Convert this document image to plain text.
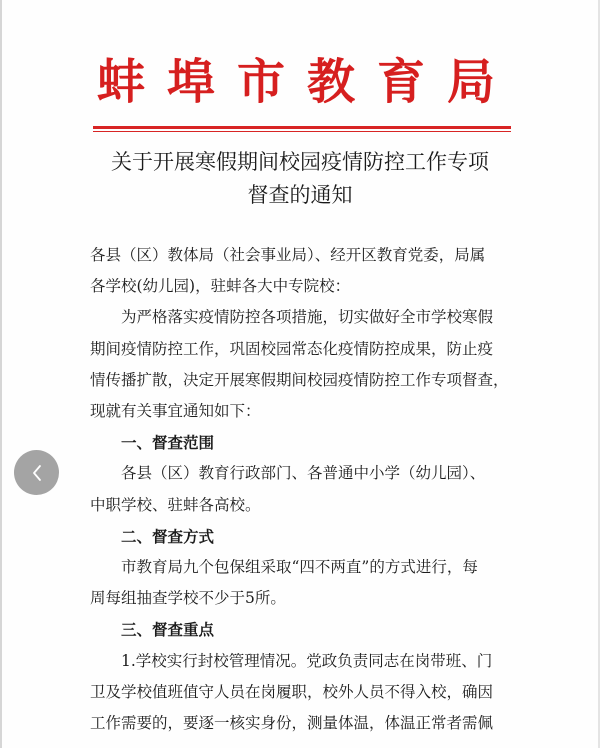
蚌埠市教育局
关于开展寒假期间校园疫情防控工作专项
督查的通知

各县（区）教体局（社会事业局）、经开区教育党委，局属

各学校(幼儿园)，驻蚌各大中专院校：

为严格落实疫情防控各项措施，切实做好全市学校寒假

期间疫情防控工作，巩固校园常态化疫情防控成果，防止疫

情传播扩散，决定开展寒假期间校园疫情防控工作专项督查，

现就有关事宜通知如下：

一、督查范围

各县（区）教育行政部门、各普通中小学（幼儿园）、

中职学校、驻蚌各高校。

二、督查方式

市教育局九个包保组采取“四不两直”的方式进行，每

周每组抽查学校不少于5所。

三、督查重点

1.学校实行封校管理情况。党政负责同志在岗带班、门

卫及学校值班值守人员在岗履职，校外人员不得入校，确因

工作需要的，要逐一核实身份，测量体温，体温正常者需佩
